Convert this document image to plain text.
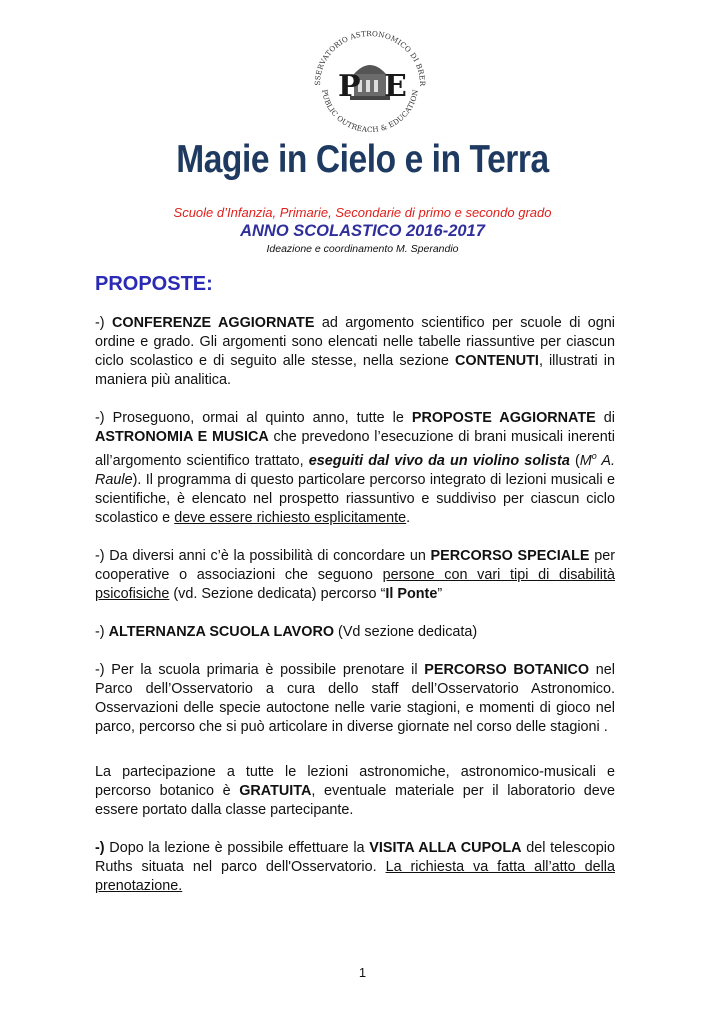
SSERVATORIO ASTRONOMICO DI BRER
PUBLIC OUTREACH & EDUCATION
P E
Magie in Cielo e in Terra
Scuole d’Infanzia, Primarie, Secondarie di primo e secondo grado
ANNO SCOLASTICO 2016-2017
Ideazione e coordinamento M. Sperandio
PROPOSTE:

-) CONFERENZE AGGIORNATE ad argomento scientifico per scuole di ogni ordine e grado. Gli argomenti sono elencati nelle tabelle riassuntive per ciascun ciclo scolastico e di seguito alle stesse, nella sezione CONTENUTI, illustrati in maniera più analitica.

-) Proseguono, ormai al quinto anno, tutte le PROPOSTE AGGIORNATE di ASTRONOMIA E MUSICA che prevedono l’esecuzione di brani musicali inerenti all’argomento scientifico trattato, eseguiti dal vivo da un violino solista ($M^o$ A. Raule). Il programma di questo particolare percorso integrato di lezioni musicali e scientifiche, è elencato nel prospetto riassuntivo e suddiviso per ciascun ciclo scolastico e deve essere richiesto esplicitamente.

-) Da diversi anni c’è la possibilità di concordare un PERCORSO SPECIALE per cooperative o associazioni che seguono persone con vari tipi di disabilità psicofisiche (vd. Sezione dedicata) percorso “Il Ponte”

-) ALTERNANZA SCUOLA LAVORO (Vd sezione dedicata)

-) Per la scuola primaria è possibile prenotare il PERCORSO BOTANICO nel Parco dell’Osservatorio a cura dello staff dell’Osservatorio Astronomico. Osservazioni delle specie autoctone nelle varie stagioni, e momenti di gioco nel parco, percorso che si può articolare in diverse giornate nel corso delle stagioni .

La partecipazione a tutte le lezioni astronomiche, astronomico-musicali e percorso botanico è GRATUITA, eventuale materiale per il laboratorio deve essere portato dalla classe partecipante.

-) Dopo la lezione è possibile effettuare la VISITA ALLA CUPOLA del telescopio Ruths situata nel parco dell'Osservatorio. La richiesta va fatta all’atto della prenotazione.

1
